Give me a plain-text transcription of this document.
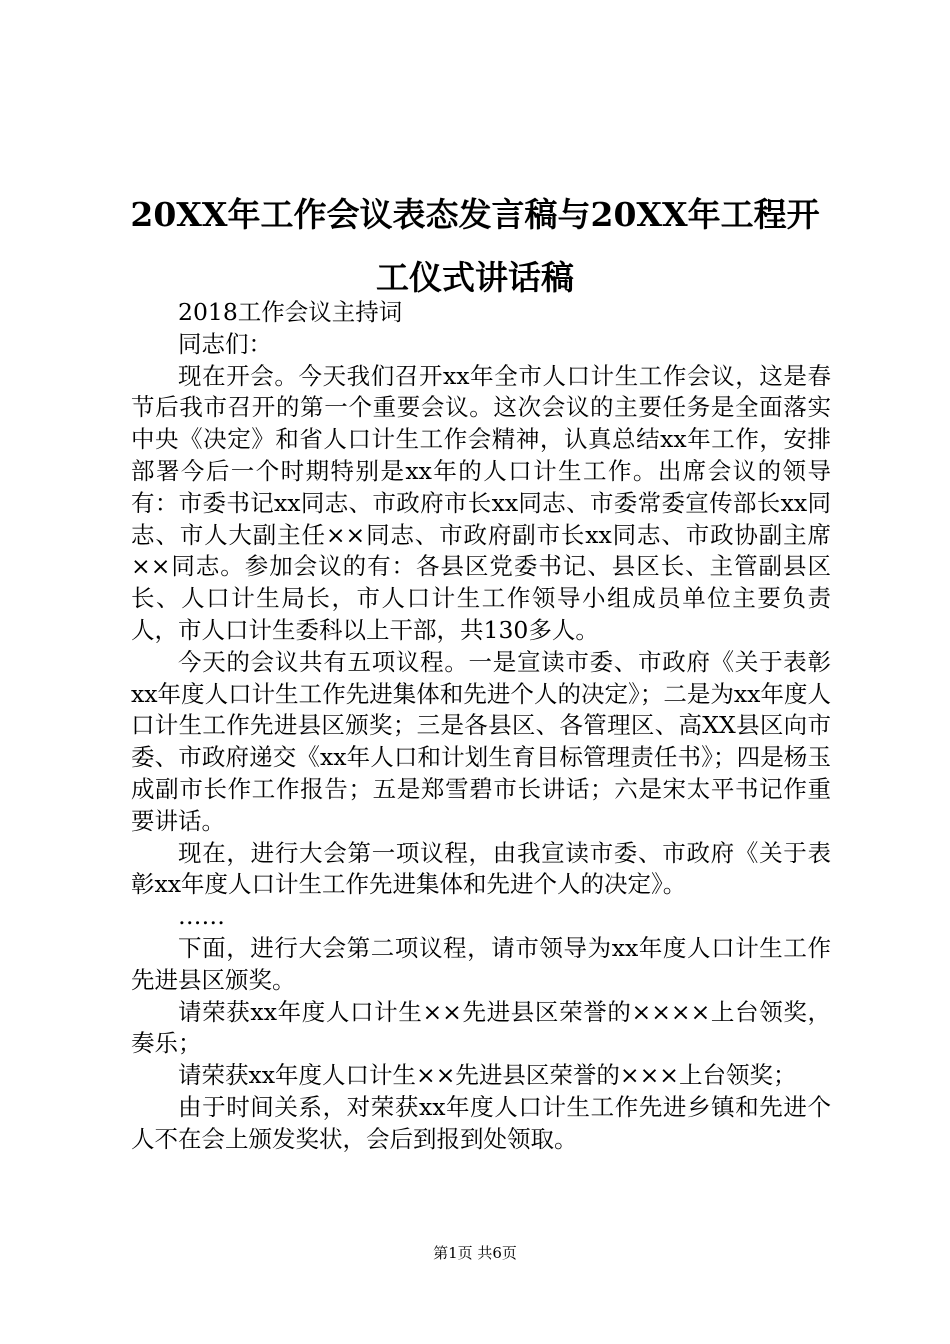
20XX年工作会议表态发言稿与20XX年工程开工仪式讲话稿

2018工作会议主持词

同志们：

现在开会。今天我们召开xx年全市人口计生工作会议，这是春节后我市召开的第一个重要会议。这次会议的主要任务是全面落实中央《决定》和省人口计生工作会精神，认真总结xx年工作，安排部署今后一个时期特别是xx年的人口计生工作。出席会议的领导有：市委书记xx同志、市政府市长xx同志、市委常委宣传部长xx同志、市人大副主任××同志、市政府副市长xx同志、市政协副主席××同志。参加会议的有：各县区党委书记、县区长、主管副县区长、人口计生局长，市人口计生工作领导小组成员单位主要负责人，市人口计生委科以上干部，共130多人。

今天的会议共有五项议程。一是宣读市委、市政府《关于表彰xx年度人口计生工作先进集体和先进个人的决定》；二是为xx年度人口计生工作先进县区颁奖；三是各县区、各管理区、高XX县区向市委、市政府递交《xx年人口和计划生育目标管理责任书》；四是杨玉成副市长作工作报告；五是郑雪碧市长讲话；六是宋太平书记作重要讲话。

现在，进行大会第一项议程，由我宣读市委、市政府《关于表彰xx年度人口计生工作先进集体和先进个人的决定》。

……

下面，进行大会第二项议程，请市领导为xx年度人口计生工作先进县区颁奖。

请荣获xx年度人口计生××先进县区荣誉的××××上台领奖，奏乐；

请荣获xx年度人口计生××先进县区荣誉的×××上台领奖；

由于时间关系，对荣获xx年度人口计生工作先进乡镇和先进个人不在会上颁发奖状，会后到报到处领取。

第1页 共6页
